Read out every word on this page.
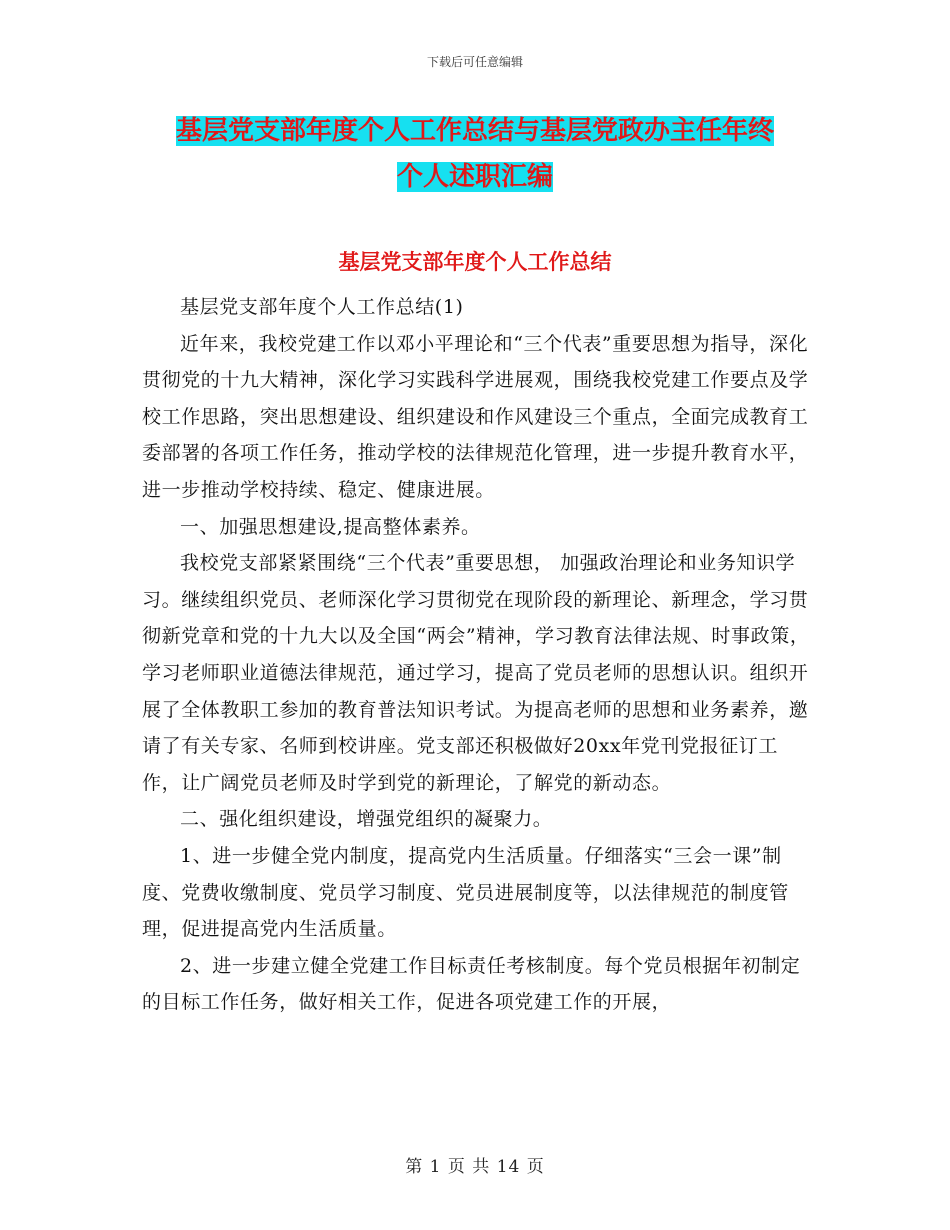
下载后可任意编辑
基层党支部年度个人工作总结与基层党政办主任年终
个人述职汇编
基层党支部年度个人工作总结

基层党支部年度个人工作总结(1)

近年来，我校党建工作以邓小平理论和“三个代表”重要思想为指导，深化贯彻党的十九大精神，深化学习实践科学进展观，围绕我校党建工作要点及学校工作思路，突出思想建设、组织建设和作风建设三个重点，全面完成教育工委部署的各项工作任务，推动学校的法律规范化管理，进一步提升教育水平，进一步推动学校持续、稳定、健康进展。

一、加强思想建设,提高整体素养。

我校党支部紧紧围绕“三个代表”重要思想， 加强政治理论和业务知识学习。继续组织党员、老师深化学习贯彻党在现阶段的新理论、新理念，学习贯彻新党章和党的十九大以及全国“两会”精神，学习教育法律法规、时事政策，学习老师职业道德法律规范，通过学习，提高了党员老师的思想认识。组织开展了全体教职工参加的教育普法知识考试。为提高老师的思想和业务素养，邀请了有关专家、名师到校讲座。党支部还积极做好20xx年党刊党报征订工作，让广阔党员老师及时学到党的新理论，了解党的新动态。

二、强化组织建设，增强党组织的凝聚力。

1、进一步健全党内制度，提高党内生活质量。仔细落实“三会一课”制度、党费收缴制度、党员学习制度、党员进展制度等，以法律规范的制度管理，促进提高党内生活质量。

2、进一步建立健全党建工作目标责任考核制度。每个党员根据年初制定的目标工作任务，做好相关工作，促进各项党建工作的开展，

第 1 页 共 14 页
